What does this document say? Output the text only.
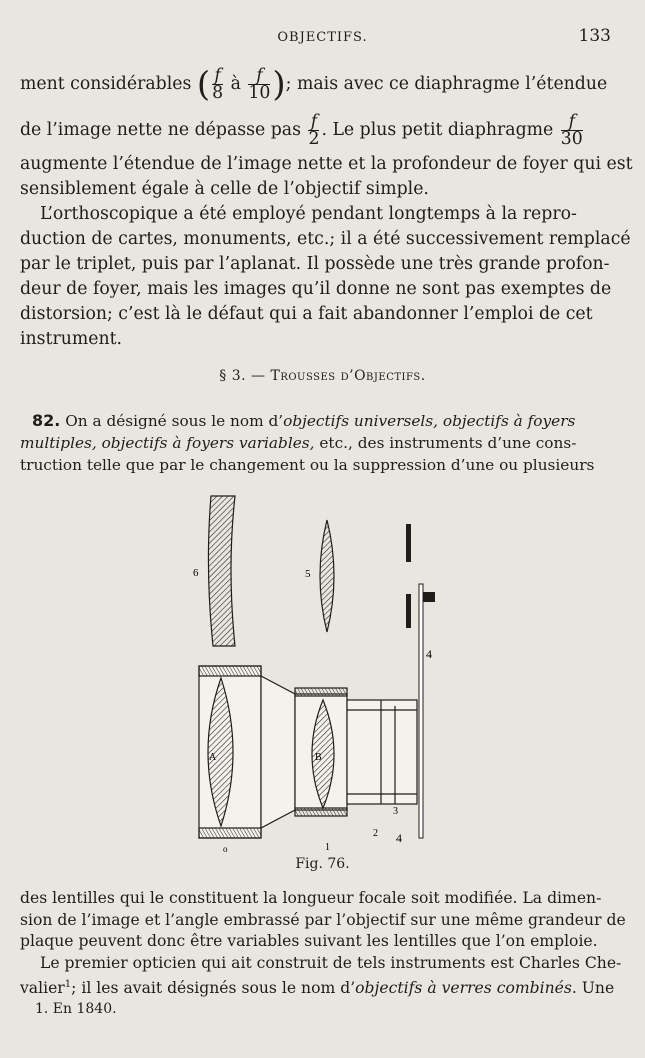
OBJECTIFS.	133
ment considérables ( $\frac{f}{8}$ à $\frac{f}{10}$ ); mais avec ce diaphragme l’étendue
de l’image nette ne dépasse pas $\frac{f}{2}$ . Le plus petit diaphragme $\frac{f}{30}$
augmente l’étendue de l’image nette et la profondeur de foyer qui est
sensiblement égale à celle de l’objectif simple.
L’orthoscopique a été employé pendant longtemps à la repro-
duction de cartes, monuments, etc.; il a été successivement remplacé
par le triplet, puis par l’aplanat. Il possède une très grande profon-
deur de foyer, mais les images qu’il donne ne sont pas exemptes de
distorsion; c’est là le défaut qui a fait abandonner l’emploi de cet
instrument.
§ 3. — Trousses d’Objectifs.
82. On a désigné sous le nom d’objectifs universels, objectifs à foyers
multiples, objectifs à foyers variables, etc., des instruments d’une cons-
truction telle que par le changement ou la suppression d’une ou plusieurs
6	5
4
A	B
3
1
2 4
o
Fig. 76.
des lentilles qui le constituent la longueur focale soit modifiée. La dimen-
sion de l’image et l’angle embrassé par l’objectif sur une même grandeur de
plaque peuvent donc être variables suivant les lentilles que l’on emploie.
Le premier opticien qui ait construit de tels instruments est Charles Che-
valier$^1$; il les avait désignés sous le nom d’objectifs à verres combinés. Une
1. En 1840.
